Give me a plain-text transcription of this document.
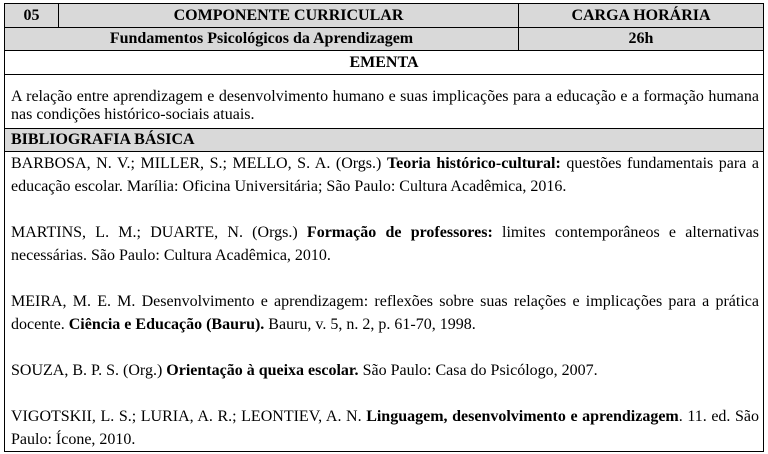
05	COMPONENTE CURRICULAR	CARGA HORÁRIA
Fundamentos Psicológicos da Aprendizagem	26h
EMENTA
A relação entre aprendizagem e desenvolvimento humano e suas implicações para a educação e a formação humana nas condições histórico-sociais atuais.
BIBLIOGRAFIA BÁSICA

BARBOSA, N. V.; MILLER, S.; MELLO, S. A. (Orgs.) Teoria histórico-cultural: questões fundamentais para a educação escolar. Marília: Oficina Universitária; São Paulo: Cultura Acadêmica, 2016.

MARTINS, L. M.; DUARTE, N. (Orgs.) Formação de professores: limites contemporâneos e alternativas necessárias. São Paulo: Cultura Acadêmica, 2010.

MEIRA, M. E. M. Desenvolvimento e aprendizagem: reflexões sobre suas relações e implicações para a prática docente. Ciência e Educação (Bauru). Bauru, v. 5, n. 2, p. 61-70, 1998.

SOUZA, B. P. S. (Org.) Orientação à queixa escolar. São Paulo: Casa do Psicólogo, 2007.

VIGOTSKII, L. S.; LURIA, A. R.; LEONTIEV, A. N. Linguagem, desenvolvimento e aprendizagem. 11. ed. São Paulo: Ícone, 2010.
